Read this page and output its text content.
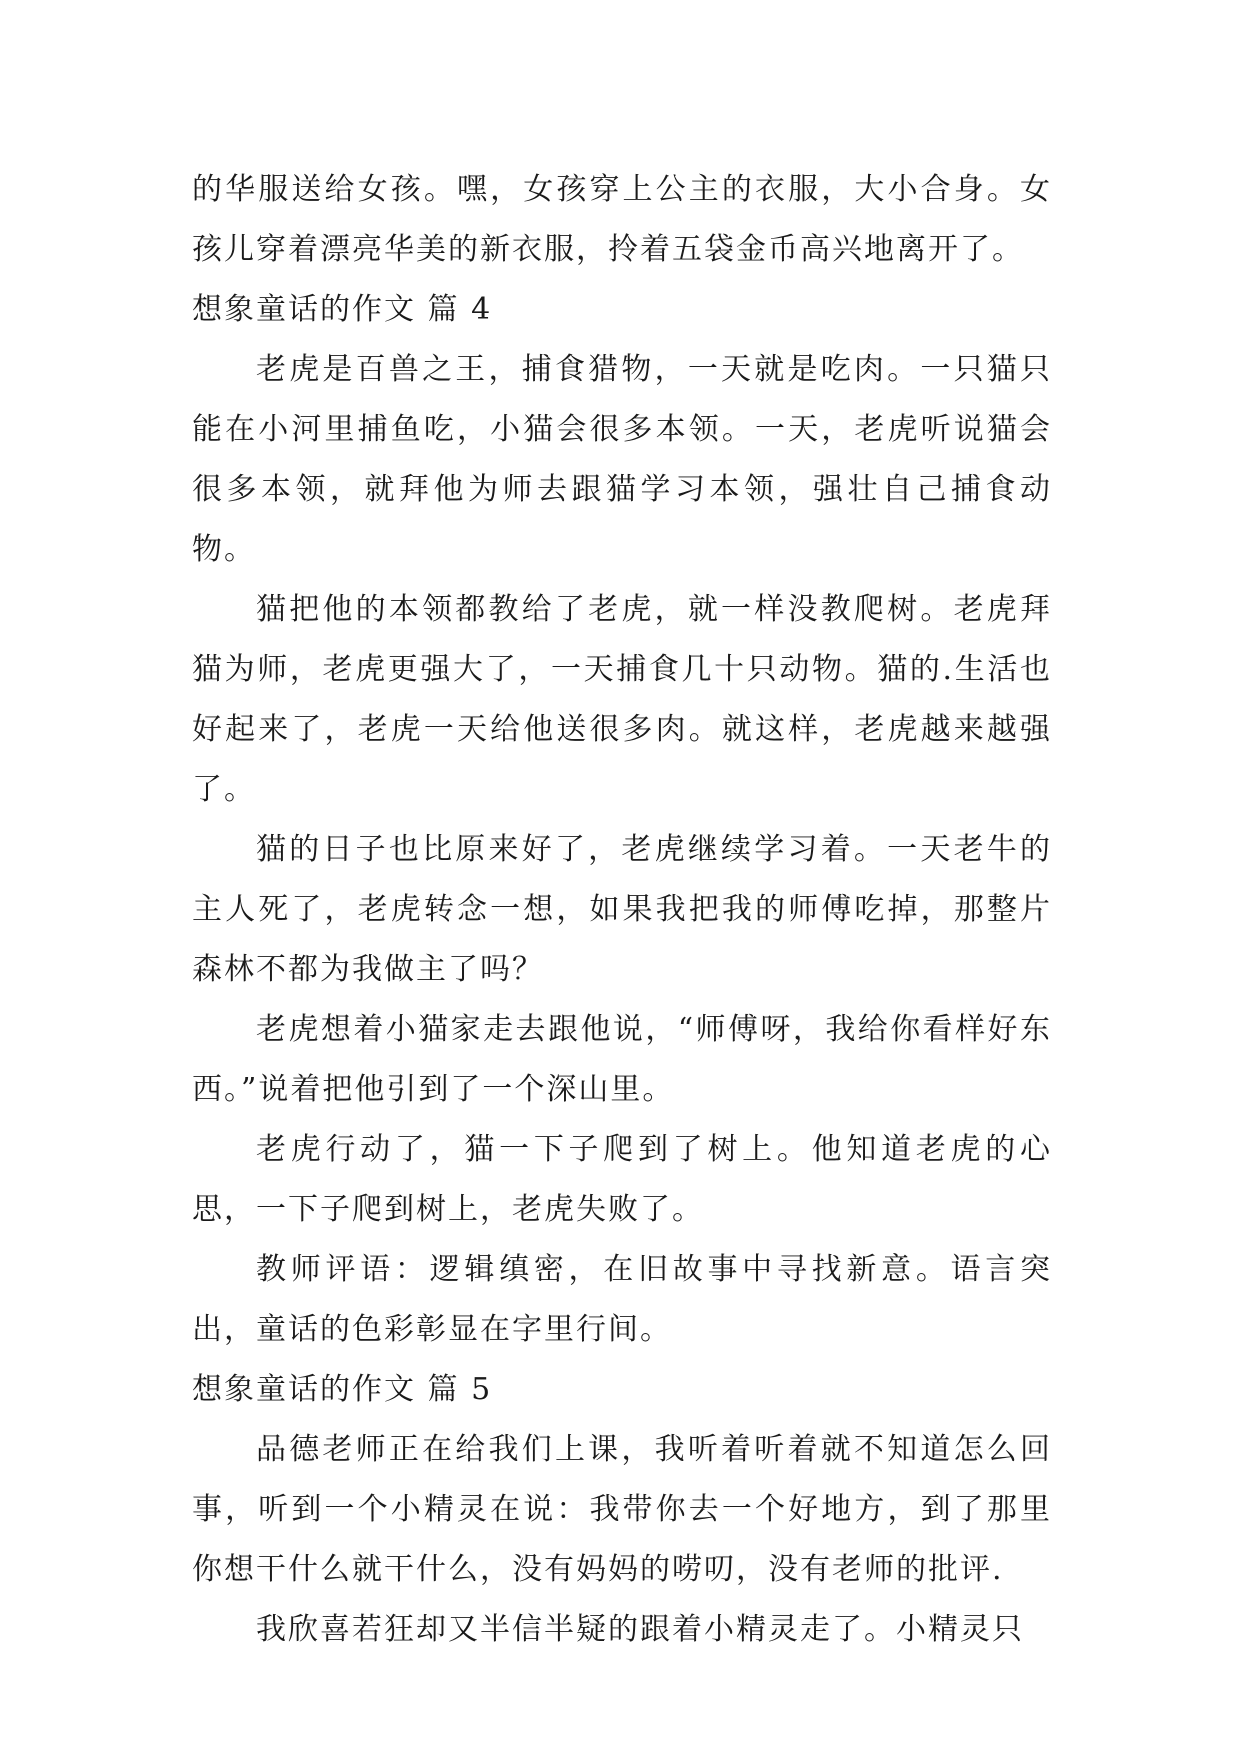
的华服送给女孩。嘿，女孩穿上公主的衣服，大小合身。女孩儿穿着漂亮华美的新衣服，拎着五袋金币高兴地离开了。

想象童话的作文 篇 4

老虎是百兽之王，捕食猎物，一天就是吃肉。一只猫只能在小河里捕鱼吃，小猫会很多本领。一天，老虎听说猫会很多本领，就拜他为师去跟猫学习本领，强壮自己捕食动物。

猫把他的本领都教给了老虎，就一样没教爬树。老虎拜猫为师，老虎更强大了，一天捕食几十只动物。猫的.生活也好起来了，老虎一天给他送很多肉。就这样，老虎越来越强了。

猫的日子也比原来好了，老虎继续学习着。一天老牛的主人死了，老虎转念一想，如果我把我的师傅吃掉，那整片森林不都为我做主了吗？

老虎想着小猫家走去跟他说，“师傅呀，我给你看样好东西。”说着把他引到了一个深山里。

老虎行动了，猫一下子爬到了树上。他知道老虎的心思，一下子爬到树上，老虎失败了。

教师评语：逻辑缜密，在旧故事中寻找新意。语言突出，童话的色彩彰显在字里行间。

想象童话的作文 篇 5

品德老师正在给我们上课，我听着听着就不知道怎么回事，听到一个小精灵在说：我带你去一个好地方，到了那里你想干什么就干什么，没有妈妈的唠叨，没有老师的批评.

我欣喜若狂却又半信半疑的跟着小精灵走了。小精灵只
